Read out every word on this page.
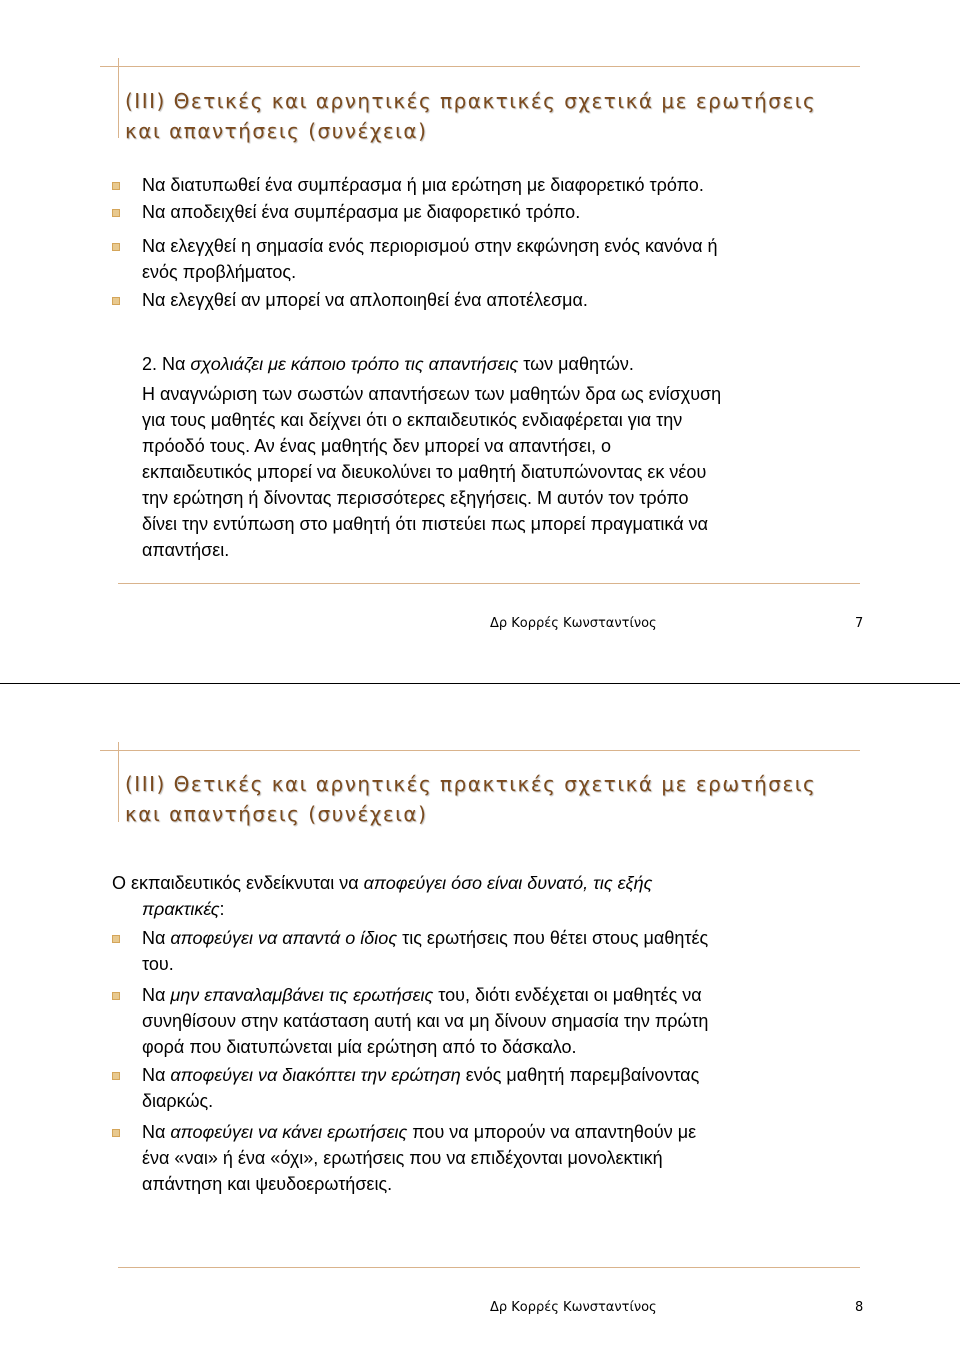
(III) Θετικές και αρνητικές πρακτικές σχετικά με ερωτήσεις
και απαντήσεις (συνέχεια)
Να διατυπωθεί ένα συμπέρασμα ή μια ερώτηση με διαφορετικό τρόπο.
Να αποδειχθεί ένα συμπέρασμα με διαφορετικό τρόπο.
Να ελεγχθεί η σημασία ενός περιορισμού στην εκφώνηση ενός κανόνα ή
ενός προβλήματος.
Να ελεγχθεί αν μπορεί να απλοποιηθεί ένα αποτέλεσμα.
2. Να σχολιάζει με κάποιο τρόπο τις απαντήσεις των μαθητών.
Η αναγνώριση των σωστών απαντήσεων των μαθητών δρα ως ενίσχυση
για τους μαθητές και δείχνει ότι ο εκπαιδευτικός ενδιαφέρεται για την
πρόοδό τους. Αν ένας μαθητής δεν μπορεί να απαντήσει, ο
εκπαιδευτικός μπορεί να διευκολύνει το μαθητή διατυπώνοντας εκ νέου
την ερώτηση ή δίνοντας περισσότερες εξηγήσεις. Μ αυτόν τον τρόπο
δίνει την εντύπωση στο μαθητή ότι πιστεύει πως μπορεί πραγματικά να
απαντήσει.
Δρ Κορρές Κωνσταντίνος	7
(III) Θετικές και αρνητικές πρακτικές σχετικά με ερωτήσεις
και απαντήσεις (συνέχεια)
Ο εκπαιδευτικός ενδείκνυται να αποφεύγει όσο είναι δυνατό, τις εξής
πρακτικές:
Να αποφεύγει να απαντά ο ίδιος τις ερωτήσεις που θέτει στους μαθητές
του.
Να μην επαναλαμβάνει τις ερωτήσεις του, διότι ενδέχεται οι μαθητές να
συνηθίσουν στην κατάσταση αυτή και να μη δίνουν σημασία την πρώτη
φορά που διατυπώνεται μία ερώτηση από το δάσκαλο.
Να αποφεύγει να διακόπτει την ερώτηση ενός μαθητή παρεμβαίνοντας
διαρκώς.
Να αποφεύγει να κάνει ερωτήσεις που να μπορούν να απαντηθούν με
ένα «ναι» ή ένα «όχι», ερωτήσεις που να επιδέχονται μονολεκτική
απάντηση και ψευδοερωτήσεις.
Δρ Κορρές Κωνσταντίνος	8
